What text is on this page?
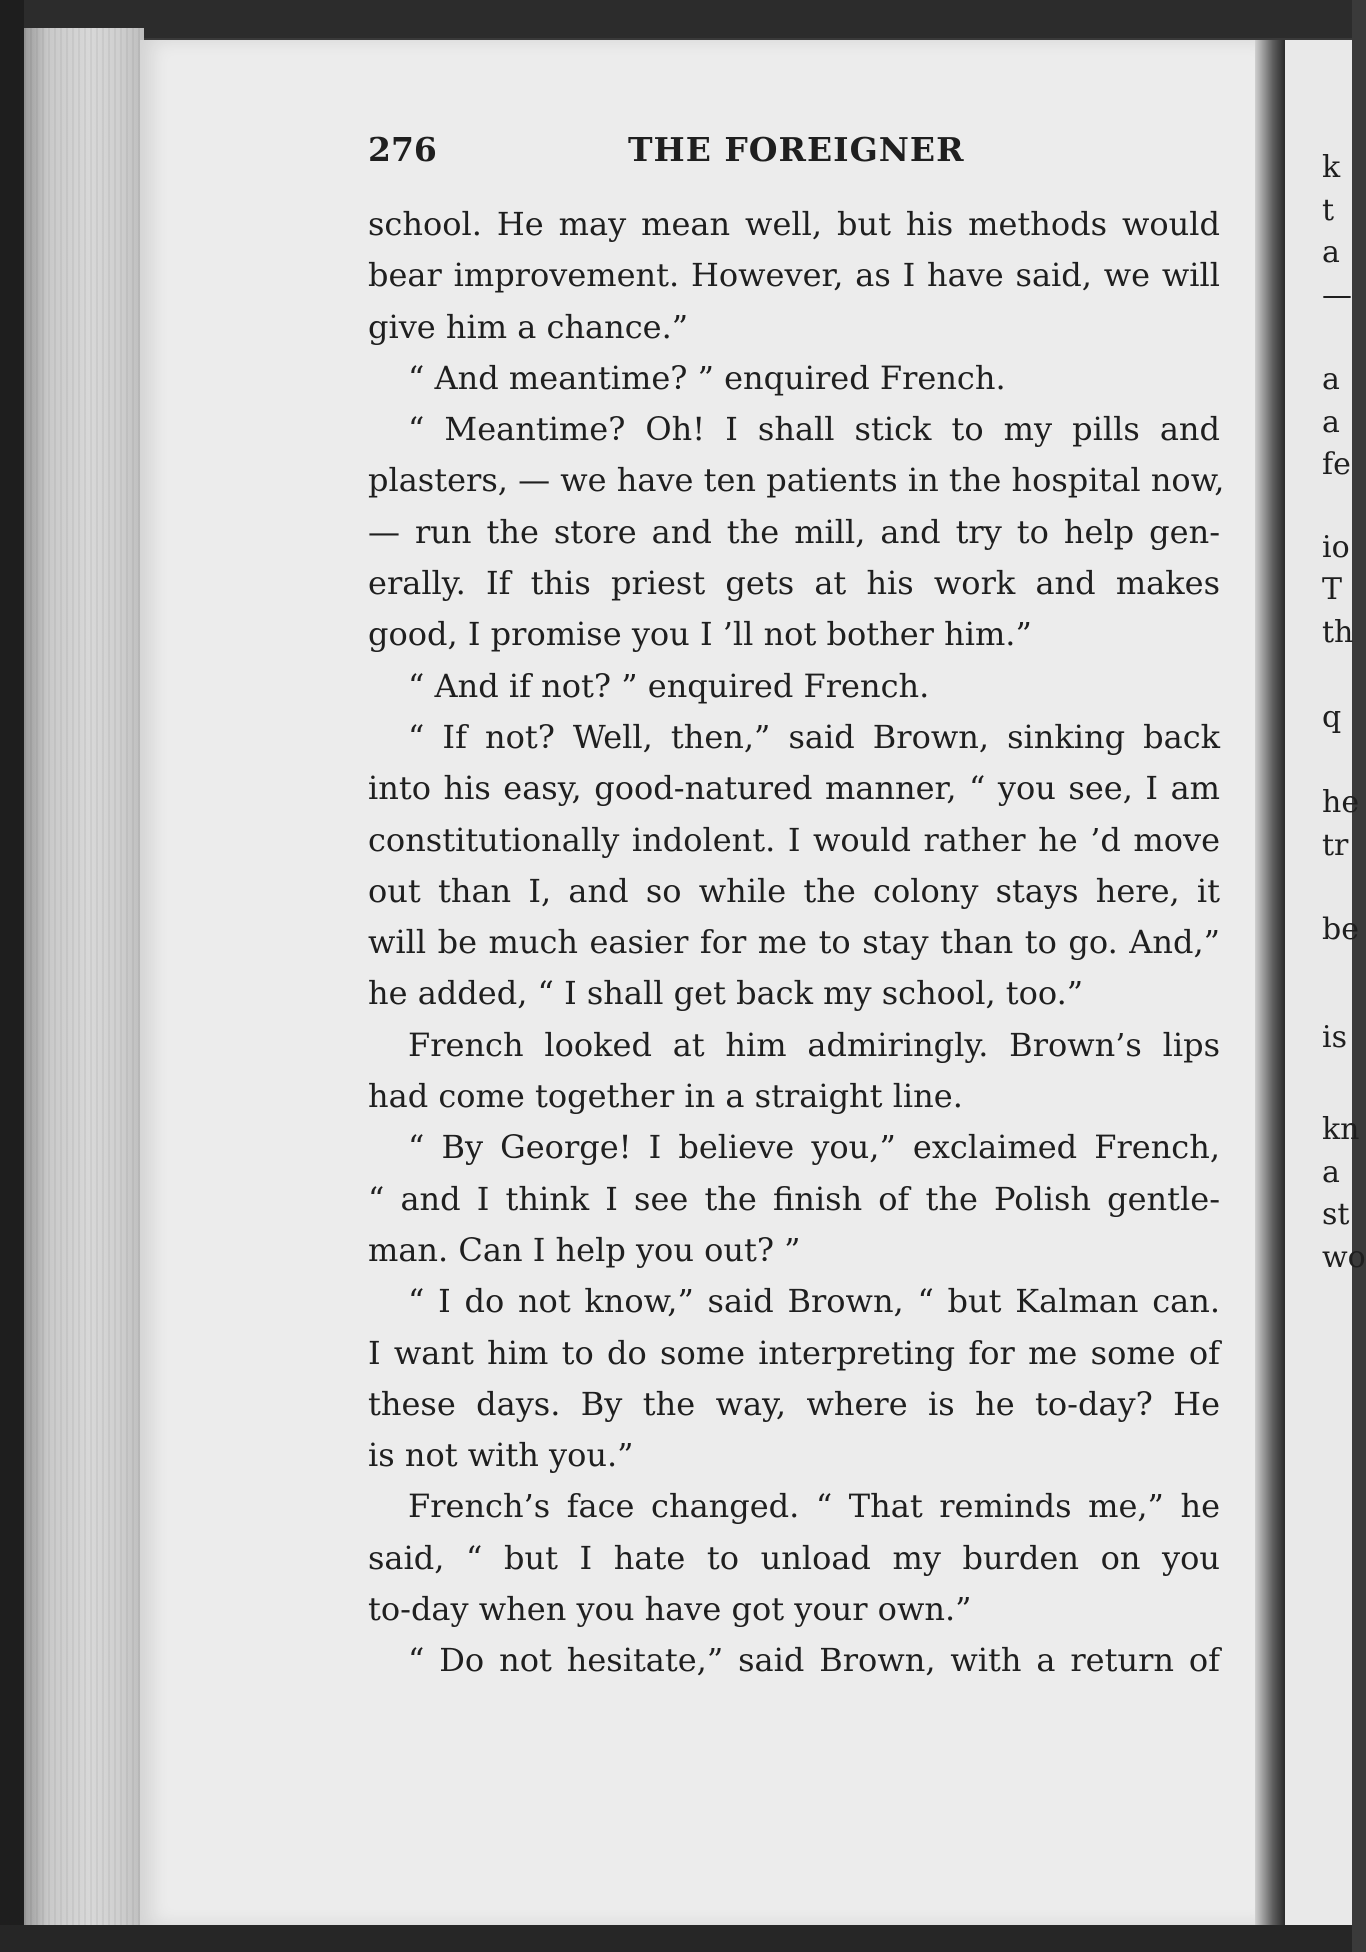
276	THE FOREIGNER
school. He may mean well, but his methods would
bear improvement. However, as I have said, we will
give him a chance.”
“ And meantime? ” enquired French.
“ Meantime? Oh! I shall stick to my pills and
plasters, — we have ten patients in the hospital now,
— run the store and the mill, and try to help gen-
erally. If this priest gets at his work and makes
good, I promise you I ’ll not bother him.”
“ And if not? ” enquired French.
“ If not? Well, then,” said Brown, sinking back
into his easy, good-natured manner, “ you see, I am
constitutionally indolent. I would rather he ’d move
out than I, and so while the colony stays here, it
will be much easier for me to stay than to go. And,”
he added, “ I shall get back my school, too.”
French looked at him admiringly. Brown’s lips
had come together in a straight line.
“ By George! I believe you,” exclaimed French,
“ and I think I see the finish of the Polish gentle-
man. Can I help you out? ”
“ I do not know,” said Brown, “ but Kalman can.
I want him to do some interpreting for me some of
these days. By the way, where is he to-day? He
is not with you.”
French’s face changed. “ That reminds me,” he
said, “ but I hate to unload my burden on you
to-day when you have got your own.”
“ Do not hesitate,” said Brown, with a return of
k
t
a
—
a
a
fe
io
T
th
q
he
tr
be
is
kn
a
st
wo
